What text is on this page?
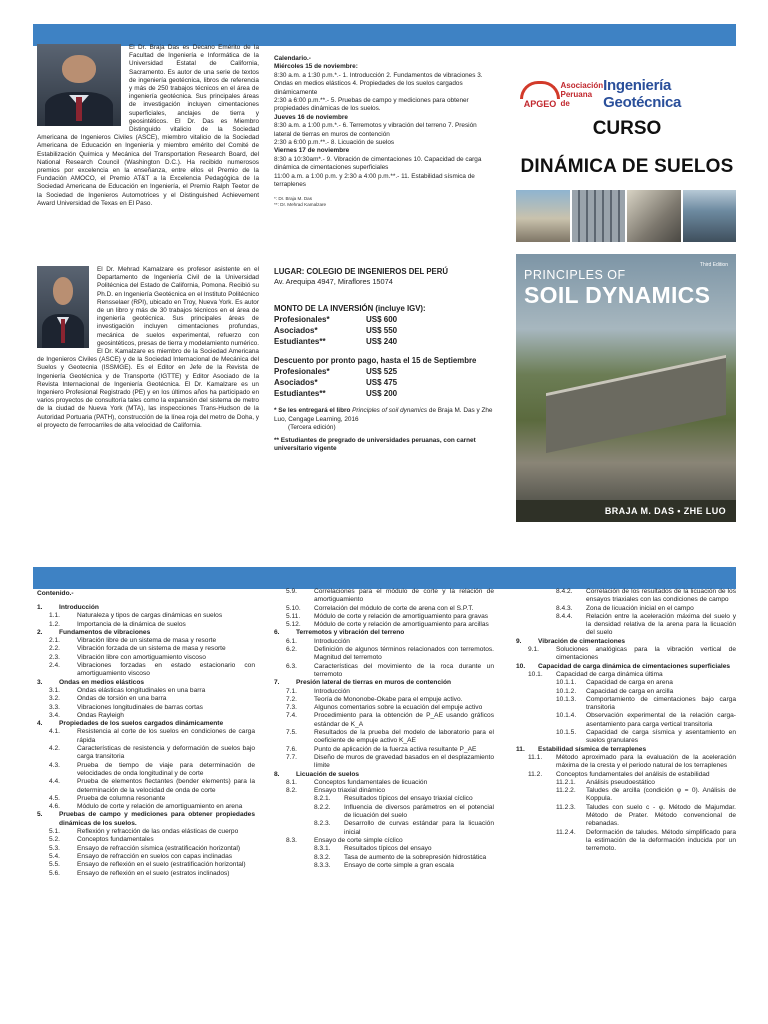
El Dr. Braja Das es Decano Emérito de la Facultad de Ingeniería e Informática de la Universidad Estatal de California, Sacramento. Es autor de una serie de textos de ingeniería geotécnica, libros de referencia y más de 250 trabajos técnicos en el área de ingeniería geotécnica. Sus principales áreas de investigación incluyen cimentaciones superficiales, anclajes de tierra y geosintéticos. El Dr. Das es Miembro Distinguido vitalicio de la Sociedad Americana de Ingenieros Civiles (ASCE), miembro vitalicio de la Sociedad Americana de Educación en Ingeniería y miembro emérito del Comité de Estabilización Química y Mecánica del Transportation Research Board, del National Research Council (Washington D.C.). Ha recibido numerosos premios por excelencia en la enseñanza, entre ellos el Premio de la Fundación AMOCO, el Premio AT&T a la Excelencia Pedagógica de la Sociedad Americana de Educación en Ingeniería, el Premio Ralph Teetor de la Sociedad de Ingenieros Automotrices y el Distinguished Achievement Award Universidad de Texas en El Paso.
El Dr. Mehrad Kamalzare es profesor asistente en el Departamento de Ingeniería Civil de la Universidad Politécnica del Estado de California, Pomona. Recibió su Ph.D. en Ingeniería Geotécnica en el Instituto Politécnico Rensselaer (RPI), ubicado en Troy, Nueva York. Es autor de un libro y más de 30 trabajos técnicos en el área de ingeniería geotécnica. Sus principales áreas de investigación incluyen cimentaciones profundas, mecánica de suelos experimental, refuerzo con geosintéticos, presas de tierra y modelamiento numérico. El Dr. Kamalzare es miembro de la Sociedad Americana de Ingenieros Civiles (ASCE) y de la Sociedad Internacional de Mecánica del Suelos y Geotecnia (ISSMGE). Es el Editor en Jefe de la Revista de Ingeniería Geotécnica y de Transporte (IGTTE) y Editor Asociado de la Revista Internacional de Ingeniería Geotécnica. El Dr. Kamalzare es un Ingeniero Profesional Registrado (PE) y en los últimos años ha participado en varios proyectos de consultoría tales como la expansión del sistema de metro de la ciudad de Nueva York (MTA), las inspecciones Trans-Hudson de la Autoridad Portuaria (PATH), construcción de la línea roja del metro de Doha, y el proyecto de ferrocarriles de alta velocidad de California.
Calendario.-
Miércoles 15 de noviembre:
8:30 a.m. a 1:30 p.m.*.- 1. Introducción 2. Fundamentos de vibraciones 3. Ondas en medios elásticos 4. Propiedades de los suelos cargados dinámicamente
2:30 a 6:00 p.m.**.- 5. Pruebas de campo y mediciones para obtener propiedades dinámicas de los suelos.
Jueves 16 de noviembre
8:30 a.m. a 1:00 p.m.*.- 6. Terremotos y vibración del terreno 7. Presión lateral de tierras en muros de contención
2:30 a 6:00 p.m.**.- 8. Licuación de suelos
Viernes 17 de noviembre
8:30 a 10:30am*.- 9. Vibración de cimentaciones 10. Capacidad de carga dinámica de cimentaciones superficiales
11:00 a.m. a 1:00 p.m. y 2:30 a 4:00 p.m.**.- 11. Estabilidad sísmica de terraplenes
*: Dr. Braja M. Das
**: Dr. Mehrad Kamalzare
LUGAR: COLEGIO DE INGENIEROS DEL PERÚ
Av. Arequipa 4947, Miraflores 15074
MONTO DE LA INVERSIÓN (incluye IGV):
Profesionales*	US$ 600
Asociados*	US$ 550
Estudiantes**	US$ 240
Descuento por pronto pago, hasta el 15 de Septiembre
Profesionales*	US$ 525
Asociados*	US$ 475
Estudiantes**	US$ 200
* Se les entregará el libro Principles of soil dynamics de Braja M. Das y Zhe Luo, Cengage Learning, 2016
(Tercera edición)
** Estudiantes de pregrado de universidades peruanas, con carnet universitario vigente
APGEO
Asociación Peruana de
Ingeniería Geotécnica
CURSO
DINÁMICA DE SUELOS
Third Edition
PRINCIPLES OF
SOIL DYNAMICS
BRAJA M. DAS • ZHE LUO
Contenido.-
1.	Introducción
1.1.	Naturaleza y tipos de cargas dinámicas en suelos
1.2.	Importancia de la dinámica de suelos
2.	Fundamentos de vibraciones
2.1.	Vibración libre de un sistema de masa y resorte
2.2.	Vibración forzada de un sistema de masa y resorte
2.3.	Vibración libre con amortiguamiento viscoso
2.4.	Vibraciones forzadas en estado estacionario con amortiguamiento viscoso
3.	Ondas en medios elásticos
3.1.	Ondas elásticas longitudinales en una barra
3.2.	Ondas de torsión en una barra
3.3.	Vibraciones longitudinales de barras cortas
3.4.	Ondas Rayleigh
4.	Propiedades de los suelos cargados dinámicamente
4.1.	Resistencia al corte de los suelos en condiciones de carga rápida
4.2.	Características de resistencia y deformación de suelos bajo carga transitoria
4.3.	Prueba de tiempo de viaje para determinación de velocidades de onda longitudinal y de corte
4.4.	Prueba de elementos flectantes (bender elements) para la determinación de la velocidad de onda de corte
4.5.	Prueba de columna resonante
4.6.	Módulo de corte y relación de amortiguamiento en arena
5.	Pruebas de campo y mediciones para obtener propiedades dinámicas de los suelos.
5.1.	Reflexión y refracción de las ondas elásticas de cuerpo
5.2.	Conceptos fundamentales
5.3.	Ensayo de refracción sísmica (estratificación horizontal)
5.4.	Ensayo de refracción en suelos con capas inclinadas
5.5.	Ensayo de reflexión en el suelo (estratificación horizontal)
5.6.	Ensayo de reflexión en el suelo (estratos inclinados)
5.9.	Correlaciones para el módulo de corte y la relación de amortiguamiento
5.10.	Correlación del módulo de corte de arena con el S.P.T.
5.11.	Módulo de corte y relación de amortiguamiento para gravas
5.12.	Módulo de corte y relación de amortiguamiento para arcillas
6.	Terremotos y vibración del terreno
6.1.	Introducción
6.2.	Definición de algunos términos relacionados con terremotos. Magnitud del terremoto
6.3.	Características del movimiento de la roca durante un terremoto
7.	Presión lateral de tierras en muros de contención
7.1.	Introducción
7.2.	Teoría de Mononobe-Okabe para el empuje activo.
7.3.	Algunos comentarios sobre la ecuación del empuje activo
7.4.	Procedimiento para la obtención de P_AE usando gráficos estándar de K_A
7.5.	Resultados de la prueba del modelo de laboratorio para el coeficiente de empuje activo K_AE
7.6.	Punto de aplicación de la fuerza activa resultante P_AE
7.7.	Diseño de muros de gravedad basados en el desplazamiento límite
8.	Licuación de suelos
8.1.	Conceptos fundamentales de licuación
8.2.	Ensayo triaxial dinámico
8.2.1.	Resultados típicos del ensayo triaxial cíclico
8.2.2.	Influencia de diversos parámetros en el potencial de licuación del suelo
8.2.3.	Desarrollo de curvas estándar para la licuación inicial
8.3.	Ensayo de corte simple cíclico
8.3.1.	Resultados típicos del ensayo
8.3.2.	Tasa de aumento de la sobrepresión hidrostática
8.3.3.	Ensayo de corte simple a gran escala
8.4.2.	Correlación de los resultados de la licuación de los ensayos triaxiales con las condiciones de campo
8.4.3.	Zona de licuación inicial en el campo
8.4.4.	Relación entre la aceleración máxima del suelo y la densidad relativa de la arena para la licuación del suelo
9.	Vibración de cimentaciones
9.1.	Soluciones analógicas para la vibración vertical de cimentaciones
10.	Capacidad de carga dinámica de cimentaciones superficiales
10.1.	Capacidad de carga dinámica última
10.1.1.	Capacidad de carga en arena
10.1.2.	Capacidad de carga en arcilla
10.1.3.	Comportamiento de cimentaciones bajo carga transitoria
10.1.4.	Observación experimental de la relación carga-asentamiento para carga vertical transitoria
10.1.5.	Capacidad de carga sísmica y asentamiento en suelos granulares
11.	Estabilidad sísmica de terraplenes
11.1.	Método aproximado para la evaluación de la aceleración máxima de la cresta y el periodo natural de los terraplenes
11.2.	Conceptos fundamentales del análisis de estabilidad
11.2.1.	Análisis pseudoestático
11.2.2.	Taludes de arcilla (condición φ = 0). Análisis de Koppula.
11.2.3.	Taludes con suelo c - φ. Método de Majumdar. Método de Prater. Método convencional de rebanadas.
11.2.4.	Deformación de taludes. Método simplificado para la estimación de la deformación inducida por un terremoto.
